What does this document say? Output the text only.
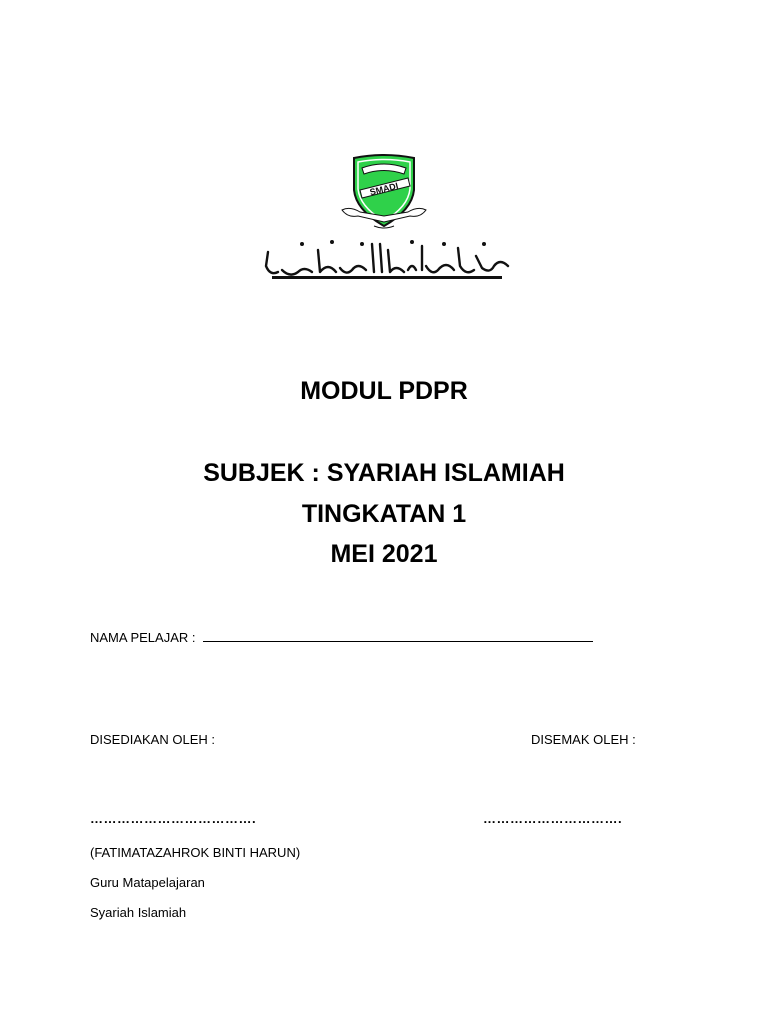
SMADI
MODUL PDPR
SUBJEK : SYARIAH ISLAMIAH
TINGKATAN 1
MEI 2021
NAMA PELAJAR :
DISEDIAKAN OLEH :	DISEMAK OLEH :
……………………………….	………………………….
(FATIMATAZAHROK BINTI HARUN)
Guru Matapelajaran
Syariah Islamiah
